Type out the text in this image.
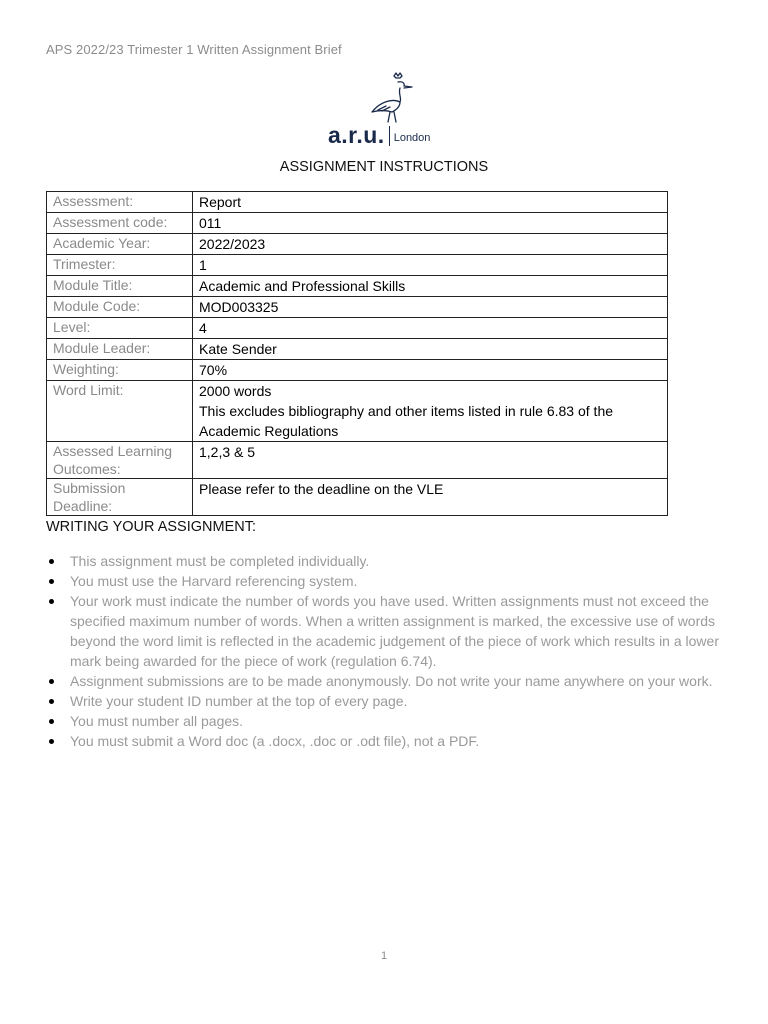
APS 2022/23 Trimester 1 Written Assignment Brief
a.r.u. London
ASSIGNMENT INSTRUCTIONS
Assessment:	Report
Assessment code:	011
Academic Year:	2022/2023
Trimester:	1
Module Title:	Academic and Professional Skills
Module Code:	MOD003325
Level:	4
Module Leader:	Kate Sender
Weighting:	70%
Word Limit:	2000 words
This excludes bibliography and other items listed in rule 6.83 of the Academic Regulations

Assessed Learning Outcomes:	1,2,3 & 5
Submission Deadline:	Please refer to the deadline on the VLE
WRITING YOUR ASSIGNMENT:
This assignment must be completed individually.
You must use the Harvard referencing system.
Your work must indicate the number of words you have used. Written assignments must not exceed the specified maximum number of words. When a written assignment is marked, the excessive use of words beyond the word limit is reflected in the academic judgement of the piece of work which results in a lower mark being awarded for the piece of work (regulation 6.74).
Assignment submissions are to be made anonymously. Do not write your name anywhere on your work.
Write your student ID number at the top of every page.
You must number all pages.
You must submit a Word doc (a .docx, .doc or .odt file), not a PDF.
1
